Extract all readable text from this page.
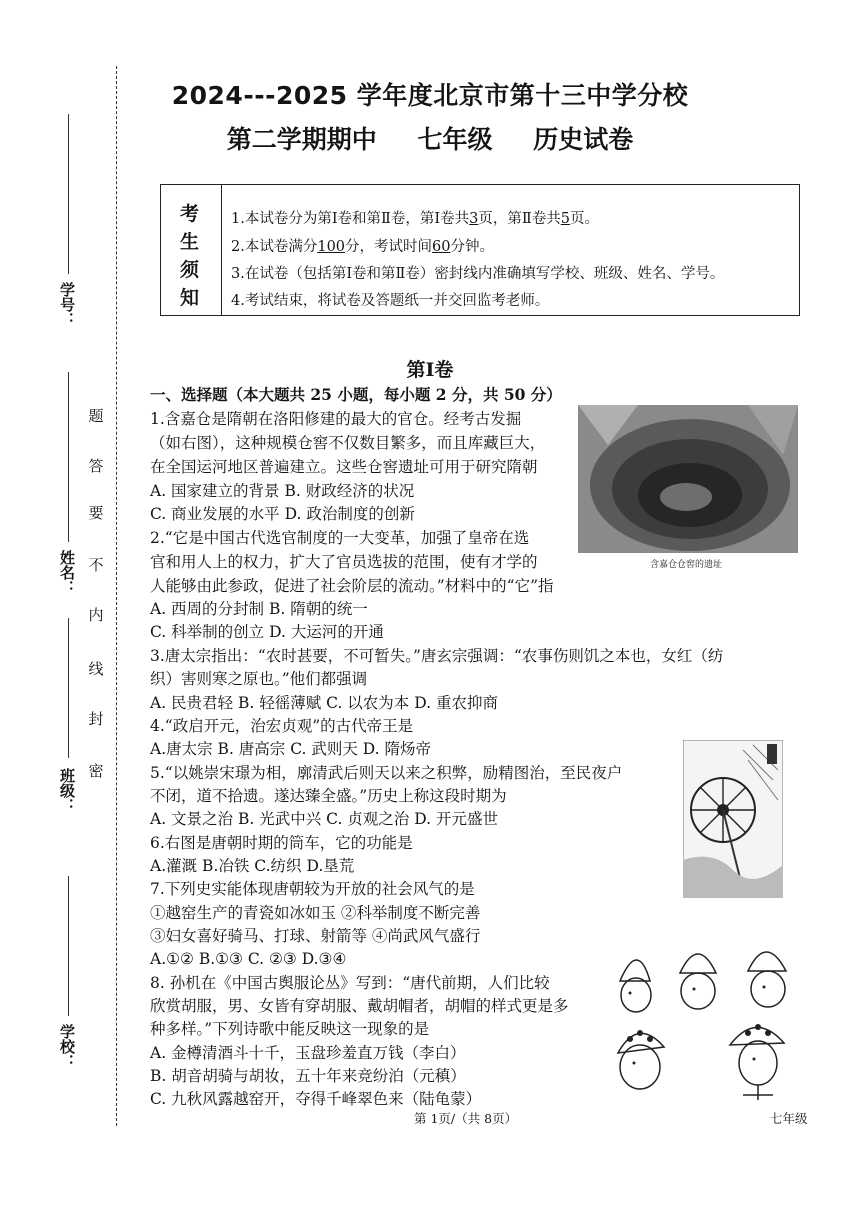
2024---2025 学年度北京市第十三中学分校
第二学期期中 七年级 历史试卷
考
生
须
知
1.本试卷分为第Ⅰ卷和第Ⅱ卷，第Ⅰ卷共3页，第Ⅱ卷共5页。
2.本试卷满分100分，考试时间60分钟。
3.在试卷（包括第Ⅰ卷和第Ⅱ卷）密封线内准确填写学校、班级、姓名、学号。
4.考试结束，将试卷及答题纸一并交回监考老师。
学号：
姓名：
班级：
学校：
题
答
要
不
内
线
封
密
第Ⅰ卷
一、选择题（本大题共 25 小题，每小题 2 分，共 50 分）
1.含嘉仓是隋朝在洛阳修建的最大的官仓。经考古发掘
（如右图），这种规模仓窖不仅数目繁多，而且库藏巨大，
在全国运河地区普遍建立。这些仓窖遗址可用于研究隋朝
A. 国家建立的背景 B. 财政经济的状况
C. 商业发展的水平 D. 政治制度的创新
2.“它是中国古代选官制度的一大变革，加强了皇帝在选
官和用人上的权力，扩大了官员选拔的范围，使有才学的
人能够由此参政，促进了社会阶层的流动。”材料中的“它”指
A. 西周的分封制 B. 隋朝的统一
C. 科举制的创立 D. 大运河的开通
3.唐太宗指出：“农时甚要，不可暂失。”唐玄宗强调：“农事伤则饥之本也，女红（纺
织）害则寒之原也。”他们都强调
A. 民贵君轻 B. 轻徭薄赋 C. 以农为本 D. 重农抑商
4.“政启开元，治宏贞观”的古代帝王是
A.唐太宗 B. 唐高宗 C. 武则天 D. 隋炀帝
5.“以姚崇宋璟为相，廓清武后则天以来之积弊，励精图治，至民夜户
不闭，道不拾遗。遂达臻全盛。”历史上称这段时期为
A. 文景之治 B. 光武中兴 C. 贞观之治 D. 开元盛世
6.右图是唐朝时期的筒车，它的功能是
A.灌溉 B.冶铁 C.纺织 D.垦荒
7.下列史实能体现唐朝较为开放的社会风气的是
①越窑生产的青瓷如冰如玉 ②科举制度不断完善
③妇女喜好骑马、打球、射箭等 ④尚武风气盛行
A.①② B.①③ C. ②③ D.③④
8. 孙机在《中国古舆服论丛》写到：“唐代前期，人们比较
欣赏胡服，男、女皆有穿胡服、戴胡帽者，胡帽的样式更是多
种多样。”下列诗歌中能反映这一现象的是
A. 金樽清酒斗十千，玉盘珍羞直万钱（李白）
B. 胡音胡骑与胡妆，五十年来竞纷泊（元稹）
C. 九秋风露越窑开，夺得千峰翠色来（陆龟蒙）
含嘉仓仓窖的遗址
第 1页/（共 8页）	七年级
